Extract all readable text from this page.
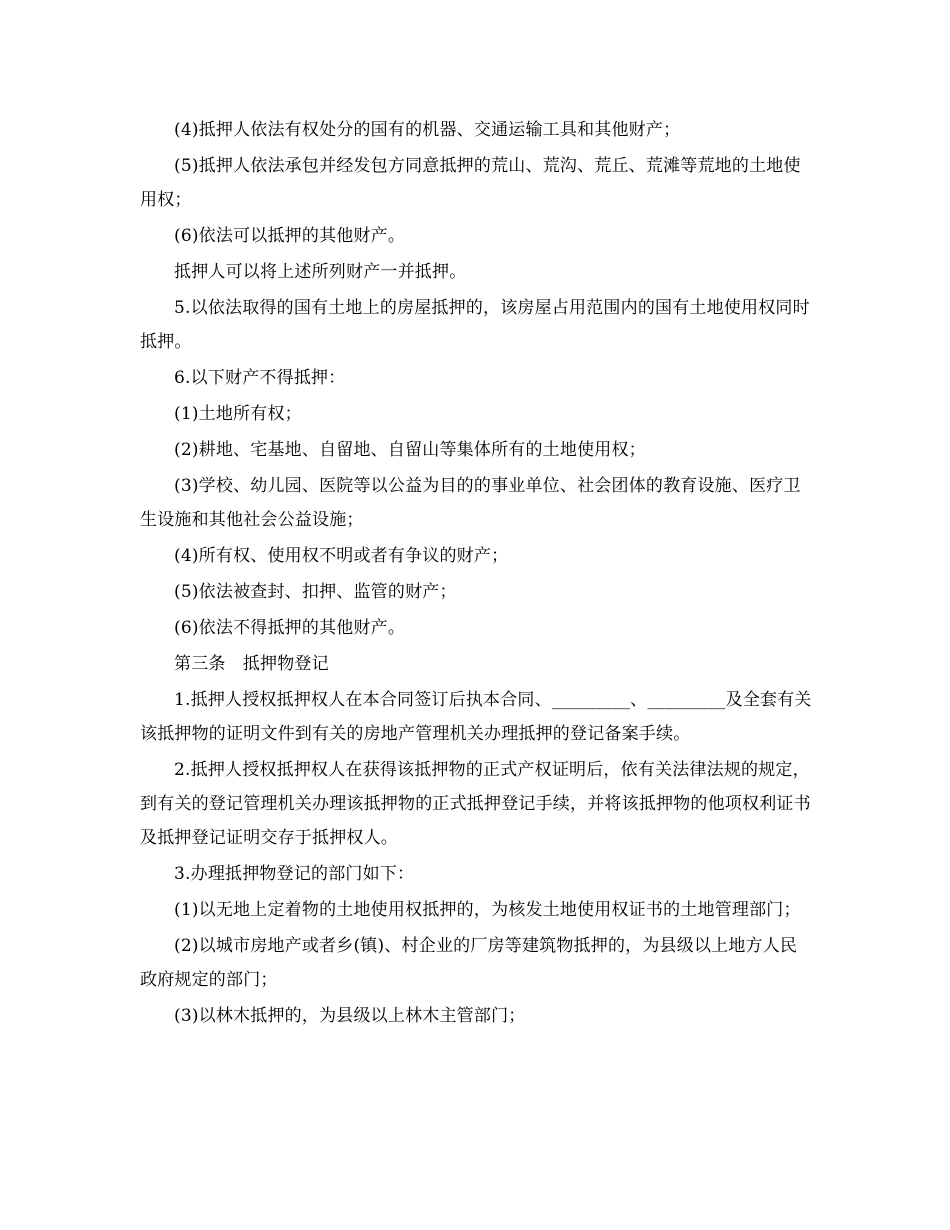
(4)抵押人依法有权处分的国有的机器、交通运输工具和其他财产；

(5)抵押人依法承包并经发包方同意抵押的荒山、荒沟、荒丘、荒滩等荒地的土地使用权；

(6)依法可以抵押的其他财产。

抵押人可以将上述所列财产一并抵押。

5.以依法取得的国有土地上的房屋抵押的，该房屋占用范围内的国有土地使用权同时抵押。

6.以下财产不得抵押：

(1)土地所有权；

(2)耕地、宅基地、自留地、自留山等集体所有的土地使用权；

(3)学校、幼儿园、医院等以公益为目的的事业单位、社会团体的教育设施、医疗卫生设施和其他社会公益设施；

(4)所有权、使用权不明或者有争议的财产；

(5)依法被查封、扣押、监管的财产；

(6)依法不得抵押的其他财产。

第三条　抵押物登记

1.抵押人授权抵押权人在本合同签订后执本合同、_________、_________及全套有关该抵押物的证明文件到有关的房地产管理机关办理抵押的登记备案手续。

2.抵押人授权抵押权人在获得该抵押物的正式产权证明后，依有关法律法规的规定，到有关的登记管理机关办理该抵押物的正式抵押登记手续，并将该抵押物的他项权利证书及抵押登记证明交存于抵押权人。

3.办理抵押物登记的部门如下：

(1)以无地上定着物的土地使用权抵押的，为核发土地使用权证书的土地管理部门；

(2)以城市房地产或者乡(镇)、村企业的厂房等建筑物抵押的，为县级以上地方人民政府规定的部门；

(3)以林木抵押的，为县级以上林木主管部门；
